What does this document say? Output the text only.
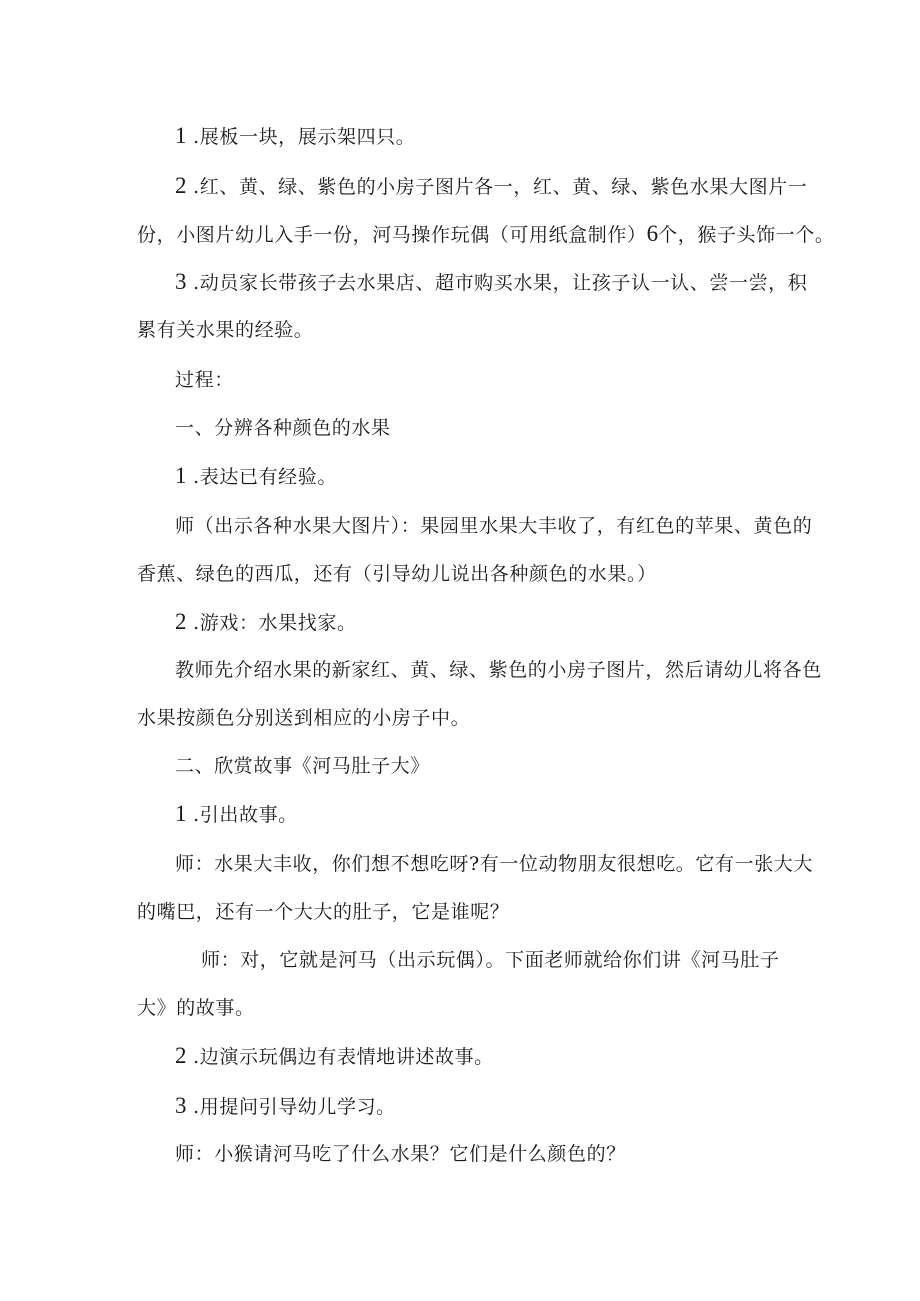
1 .展板一块，展示架四只。
2 .红、黄、绿、紫色的小房子图片各一，红、黄、绿、紫色水果大图片一
份，小图片幼儿入手一份，河马操作玩偶（可用纸盒制作）6个，猴子头饰一个。
3 .动员家长带孩子去水果店、超市购买水果，让孩子认一认、尝一尝，积
累有关水果的经验。
过程：
一、分辨各种颜色的水果
1 .表达已有经验。
师（出示各种水果大图片）：果园里水果大丰收了，有红色的苹果、黄色的
香蕉、绿色的西瓜，还有（引导幼儿说出各种颜色的水果。）
2 .游戏：水果找家。
教师先介绍水果的新家红、黄、绿、紫色的小房子图片，然后请幼儿将各色
水果按颜色分别送到相应的小房子中。
二、欣赏故事《河马肚子大》
1 .引出故事。
师：水果大丰收，你们想不想吃呀?有一位动物朋友很想吃。它有一张大大
的嘴巴，还有一个大大的肚子，它是谁呢？
师：对，它就是河马（出示玩偶）。下面老师就给你们讲《河马肚子
大》的故事。
2 .边演示玩偶边有表情地讲述故事。
3 .用提问引导幼儿学习。
师：小猴请河马吃了什么水果？它们是什么颜色的？
